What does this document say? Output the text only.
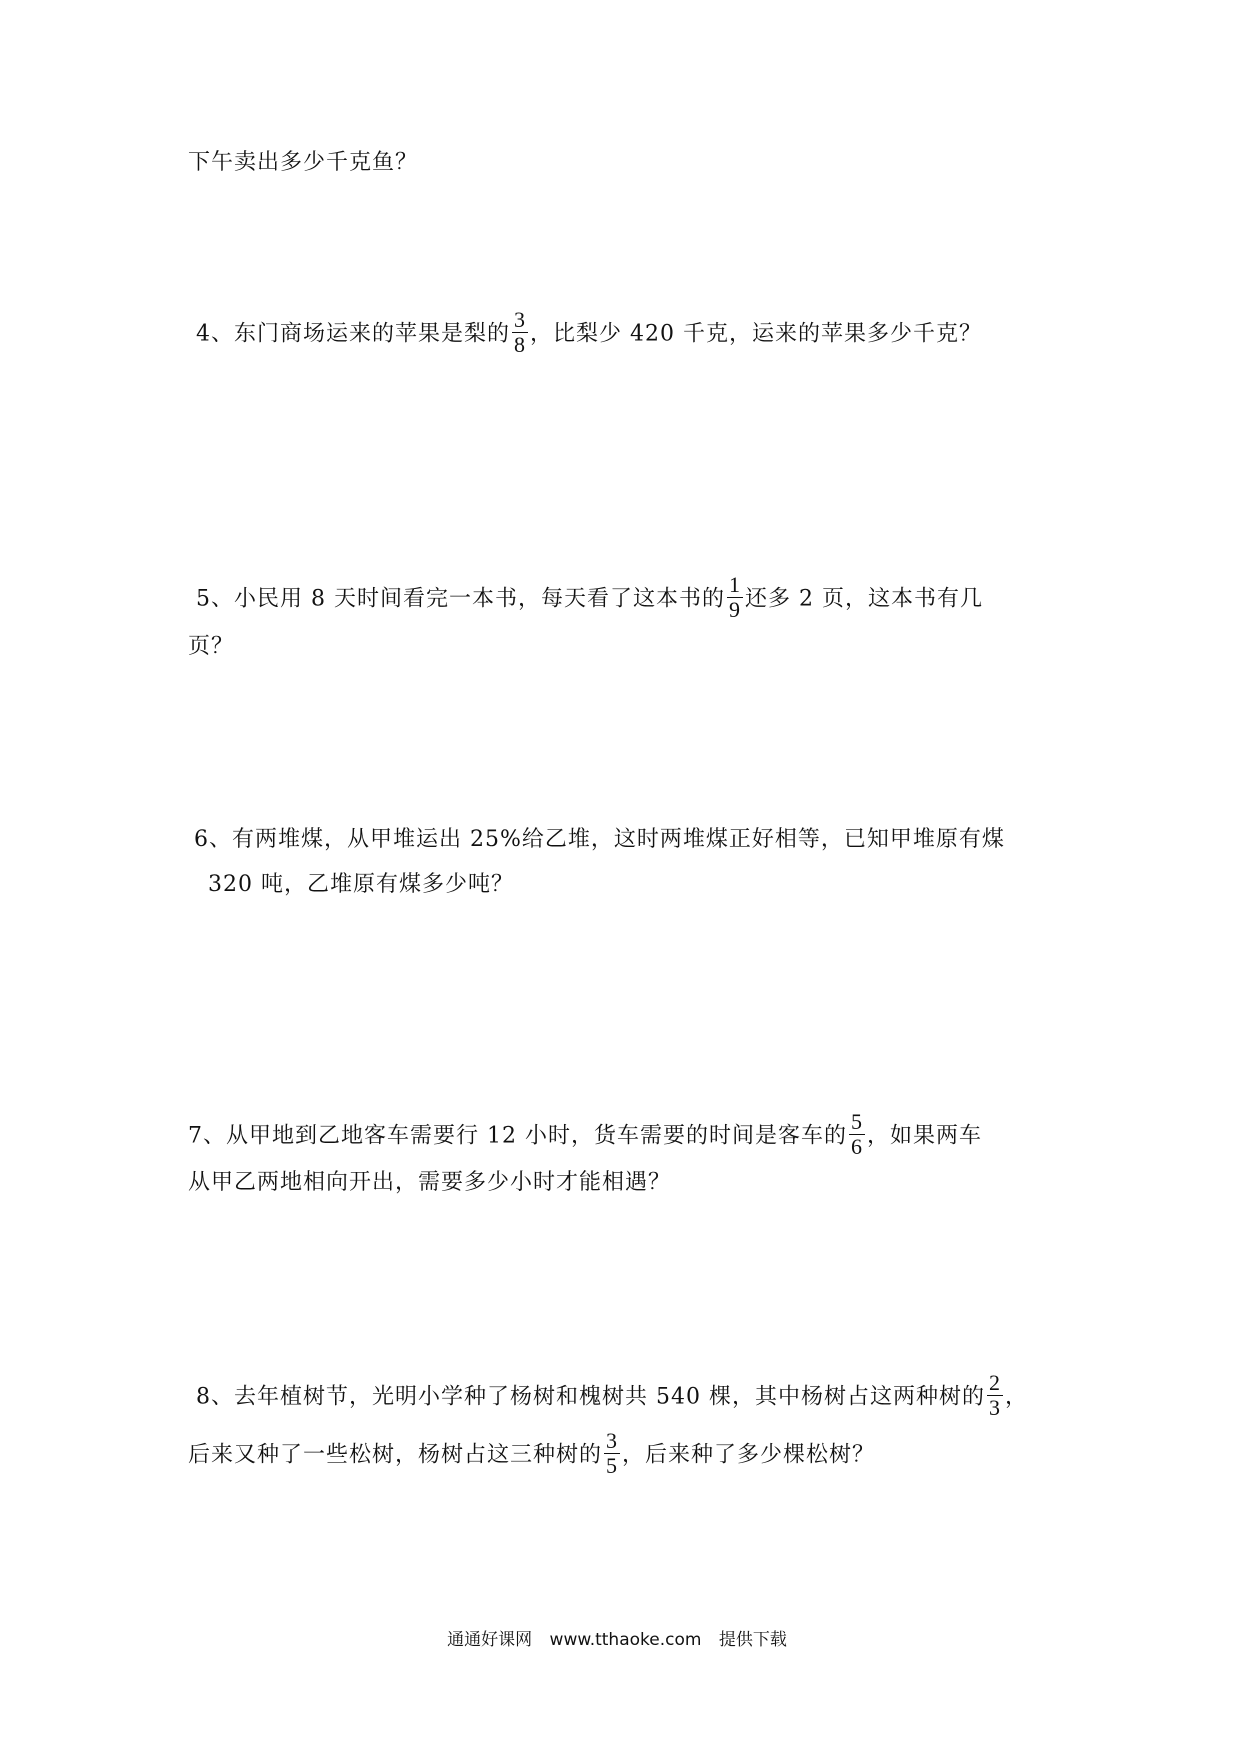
下午卖出多少千克鱼？
4、东门商场运来的苹果是梨的 $\frac{3}{8}$ ，比梨少 420 千克，运来的苹果多少千克？
5、小民用 8 天时间看完一本书，每天看了这本书的 $\frac{1}{9}$ 还多 2 页，这本书有几
页？
6、有两堆煤，从甲堆运出 25%给乙堆，这时两堆煤正好相等，已知甲堆原有煤
320 吨，乙堆原有煤多少吨？
7、从甲地到乙地客车需要行 12 小时，货车需要的时间是客车的 $\frac{5}{6}$ ，如果两车
从甲乙两地相向开出，需要多少小时才能相遇？
8、去年植树节，光明小学种了杨树和槐树共 540 棵，其中杨树占这两种树的 $\frac{2}{3}$ ，
后来又种了一些松树，杨树占这三种树的 $\frac{3}{5}$ ，后来种了多少棵松树？
通通好课网 www.tthaoke.com 提供下载
